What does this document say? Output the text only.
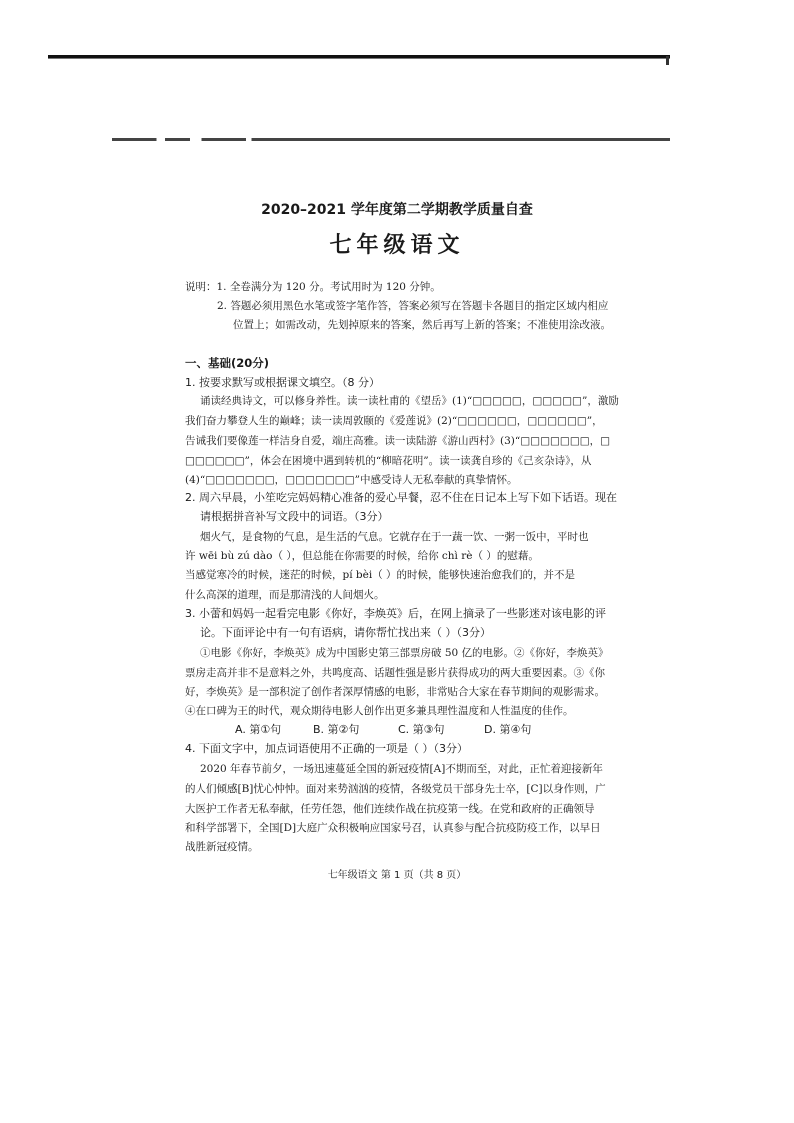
2020–2021 学年度第二学期教学质量自查
七年级语文
说明：1. 全卷满分为 120 分。考试用时为 120 分钟。
2. 答题必须用黑色水笔或签字笔作答，答案必须写在答题卡各题目的指定区域内相应
位置上；如需改动，先划掉原来的答案，然后再写上新的答案；不准使用涂改液。
一、基础(20分)
1. 按要求默写或根据课文填空。（8 分）
诵读经典诗文，可以修身养性。读一读杜甫的《望岳》(1)“□□□□□，□□□□□”，激励
我们奋力攀登人生的巅峰；读一读周敦颐的《爱莲说》(2)“□□□□□□，□□□□□□”，
告诫我们要像莲一样洁身自爱，端庄高雅。读一读陆游《游山西村》(3)“□□□□□□□，□
□□□□□□”，体会在困境中遇到转机的“柳暗花明”。读一读龚自珍的《己亥杂诗》，从
(4)“□□□□□□□，□□□□□□□”中感受诗人无私奉献的真挚情怀。
2. 周六早晨，小笙吃完妈妈精心准备的爱心早餐，忍不住在日记本上写下如下话语。现在
请根据拼音补写文段中的词语。（3分）
烟火气，是食物的气息，是生活的气息。它就存在于一蔬一饮、一粥一饭中，平时也
许 wēi bù zú dào（ ），但总能在你需要的时候，给你 chì rè（ ）的慰藉。
当感觉寒冷的时候，迷茫的时候，pí bèi（ ）的时候，能够快速治愈我们的，并不是
什么高深的道理，而是那清浅的人间烟火。
3. 小蕾和妈妈一起看完电影《你好，李焕英》后，在网上摘录了一些影迷对该电影的评
论。下面评论中有一句有语病，请你帮忙找出来（ ）（3分）
①电影《你好，李焕英》成为中国影史第三部票房破 50 亿的电影。②《你好，李焕英》
票房走高并非不是意料之外，共鸣度高、话题性强是影片获得成功的两大重要因素。③《你
好，李焕英》是一部积淀了创作者深厚情感的电影，非常贴合大家在春节期间的观影需求。
④在口碑为王的时代，观众期待电影人创作出更多兼具理性温度和人性温度的佳作。
A. 第①句	B. 第②句	C. 第③句	D. 第④句
4. 下面文字中，加点词语使用不正确的一项是（ ）（3分）
2020 年春节前夕，一场迅速蔓延全国的新冠疫情[A]不期而至，对此，正忙着迎接新年
的人们倾感[B]忧心忡忡。面对来势汹汹的疫情，各级党员干部身先士卒，[C]以身作则，广
大医护工作者无私奉献，任劳任怨，他们连续作战在抗疫第一线。在党和政府的正确领导
和科学部署下，全国[D]大庭广众积极响应国家号召，认真参与配合抗疫防疫工作，以早日
战胜新冠疫情。
七年级语文 第 1 页（共 8 页）
